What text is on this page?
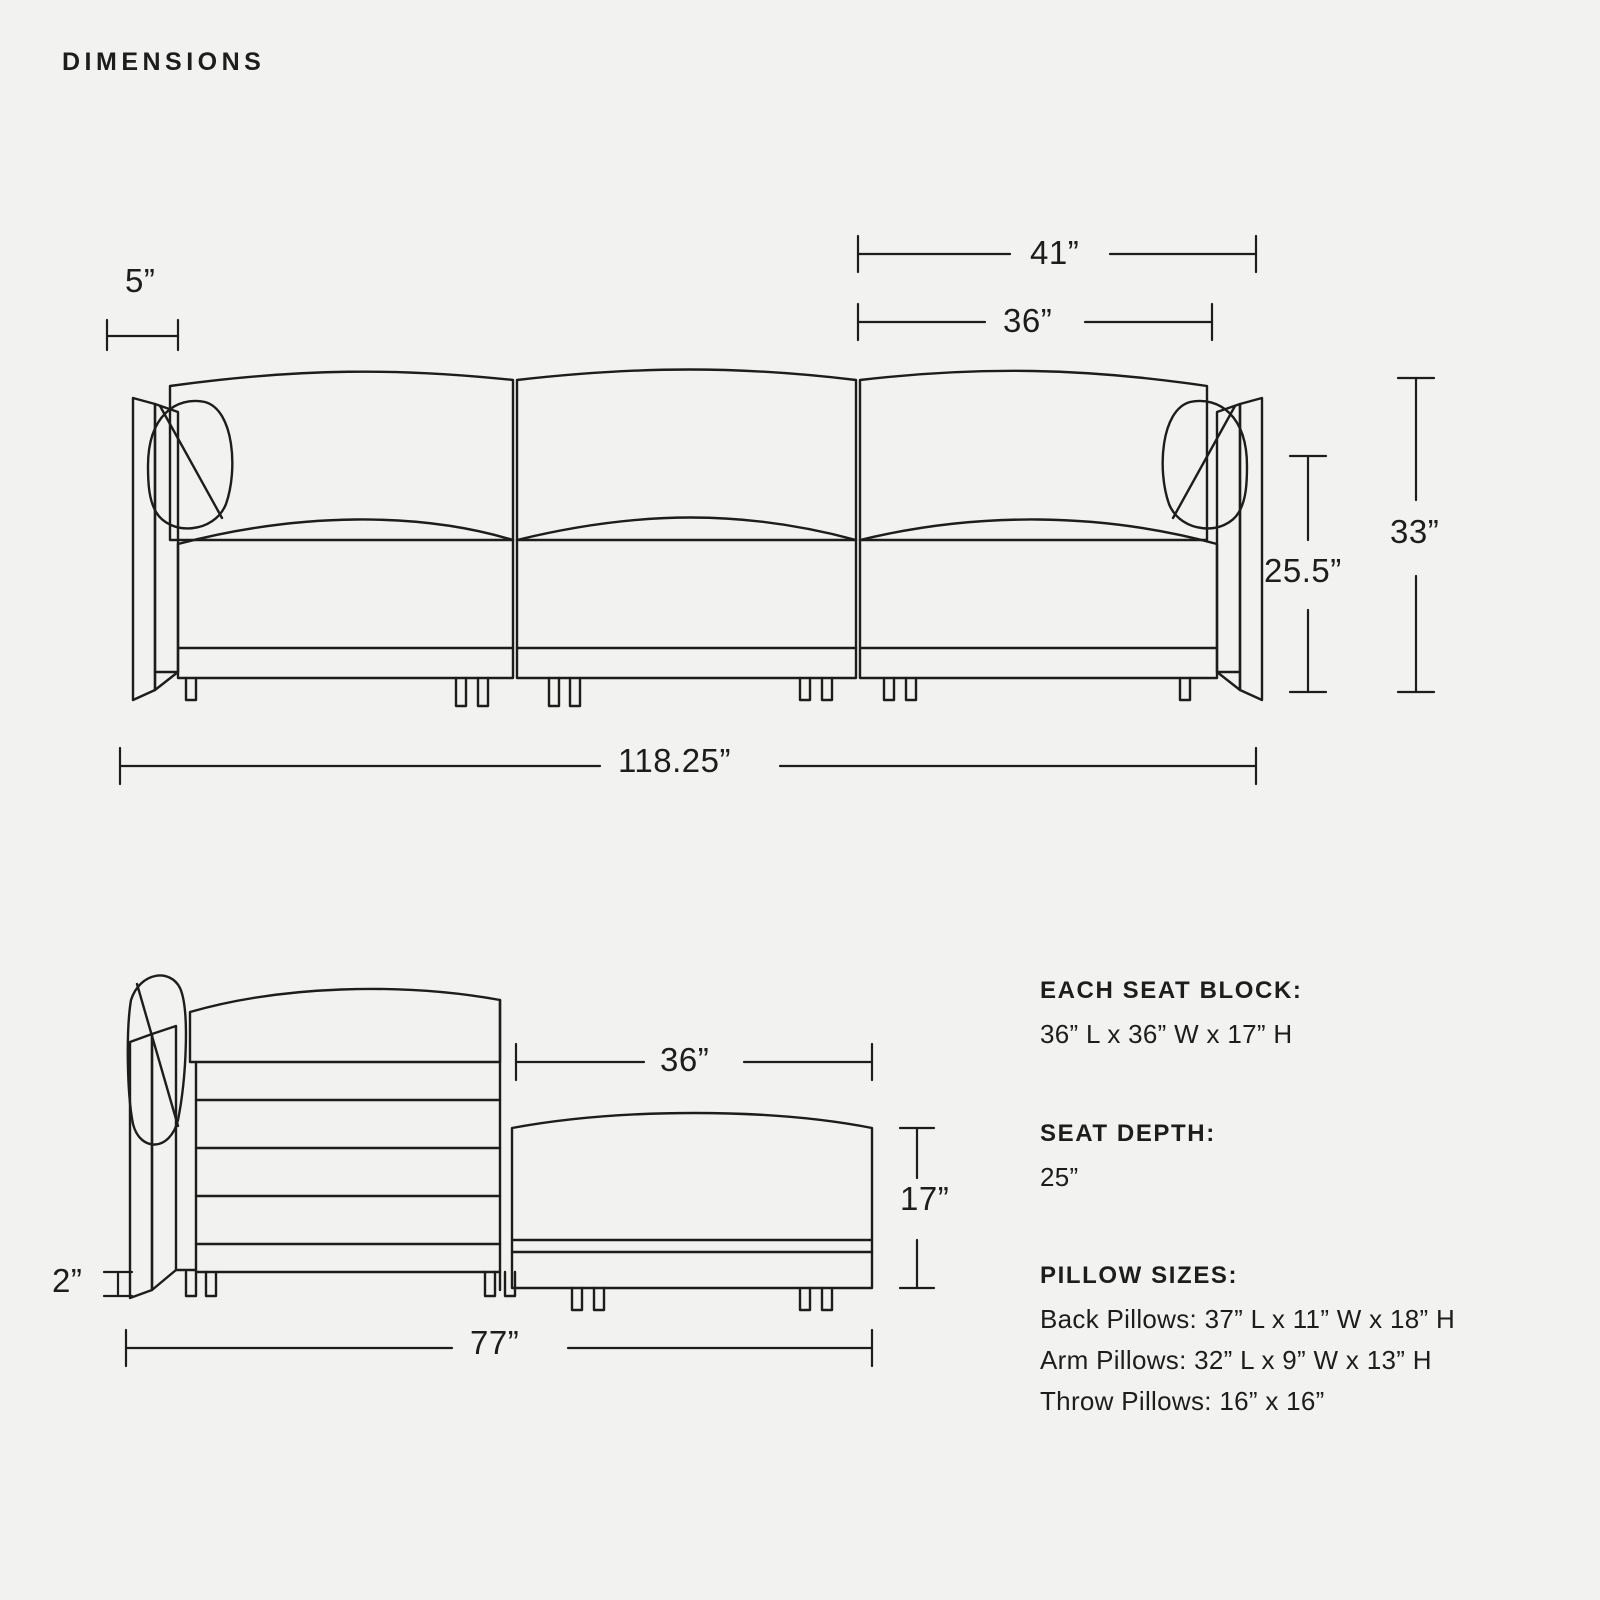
DIMENSIONS
5”
41”
36”
33”
25.5”
118.25”
2”
36”
17”
77”
EACH SEAT BLOCK:
36” L x 36” W x 17” H
SEAT DEPTH:
25”
PILLOW SIZES:
Back Pillows: 37” L x 11” W x 18” H
Arm Pillows: 32” L x 9” W x 13” H
Throw Pillows: 16” x 16”
